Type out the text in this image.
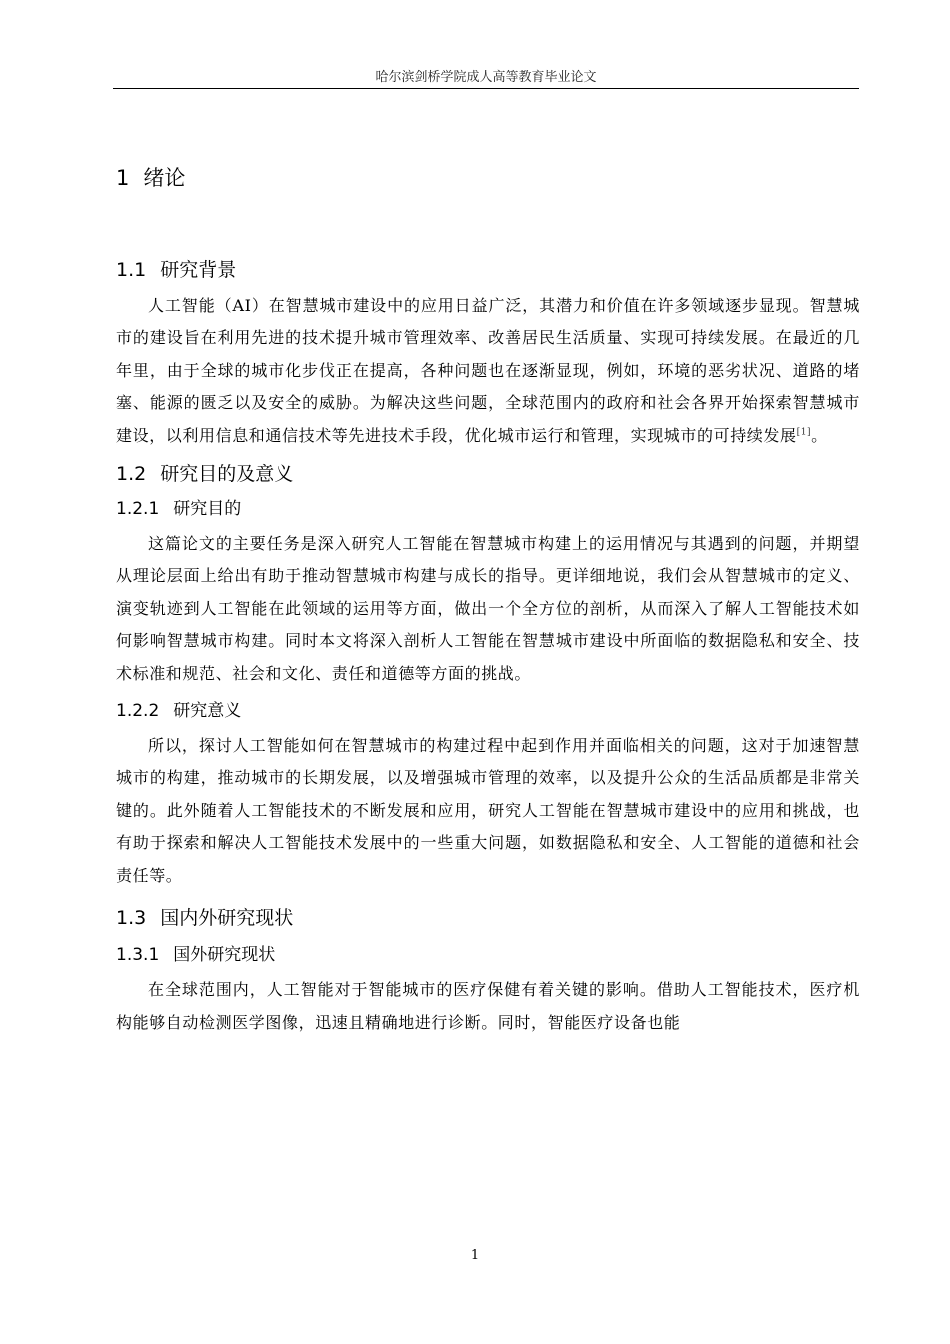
哈尔滨剑桥学院成人高等教育毕业论文
1 绪论
1.1 研究背景

人工智能（AI）在智慧城市建设中的应用日益广泛，其潜力和价值在许多领域逐步显现。智慧城市的建设旨在利用先进的技术提升城市管理效率、改善居民生活质量、实现可持续发展。在最近的几年里，由于全球的城市化步伐正在提高，各种问题也在逐渐显现，例如，环境的恶劣状况、道路的堵塞、能源的匮乏以及安全的威胁。为解决这些问题，全球范围内的政府和社会各界开始探索智慧城市建设，以利用信息和通信技术等先进技术手段，优化城市运行和管理，实现城市的可持续发展[1]。

1.2 研究目的及意义
1.2.1 研究目的

这篇论文的主要任务是深入研究人工智能在智慧城市构建上的运用情况与其遇到的问题，并期望从理论层面上给出有助于推动智慧城市构建与成长的指导。更详细地说，我们会从智慧城市的定义、演变轨迹到人工智能在此领域的运用等方面，做出一个全方位的剖析，从而深入了解人工智能技术如何影响智慧城市构建。同时本文将深入剖析人工智能在智慧城市建设中所面临的数据隐私和安全、技术标准和规范、社会和文化、责任和道德等方面的挑战。

1.2.2 研究意义

所以，探讨人工智能如何在智慧城市的构建过程中起到作用并面临相关的问题，这对于加速智慧城市的构建，推动城市的长期发展，以及增强城市管理的效率，以及提升公众的生活品质都是非常关键的。此外随着人工智能技术的不断发展和应用，研究人工智能在智慧城市建设中的应用和挑战，也有助于探索和解决人工智能技术发展中的一些重大问题，如数据隐私和安全、人工智能的道德和社会责任等。

1.3 国内外研究现状
1.3.1 国外研究现状

在全球范围内，人工智能对于智能城市的医疗保健有着关键的影响。借助人工智能技术，医疗机构能够自动检测医学图像，迅速且精确地进行诊断。同时，智能医疗设备也能

1
